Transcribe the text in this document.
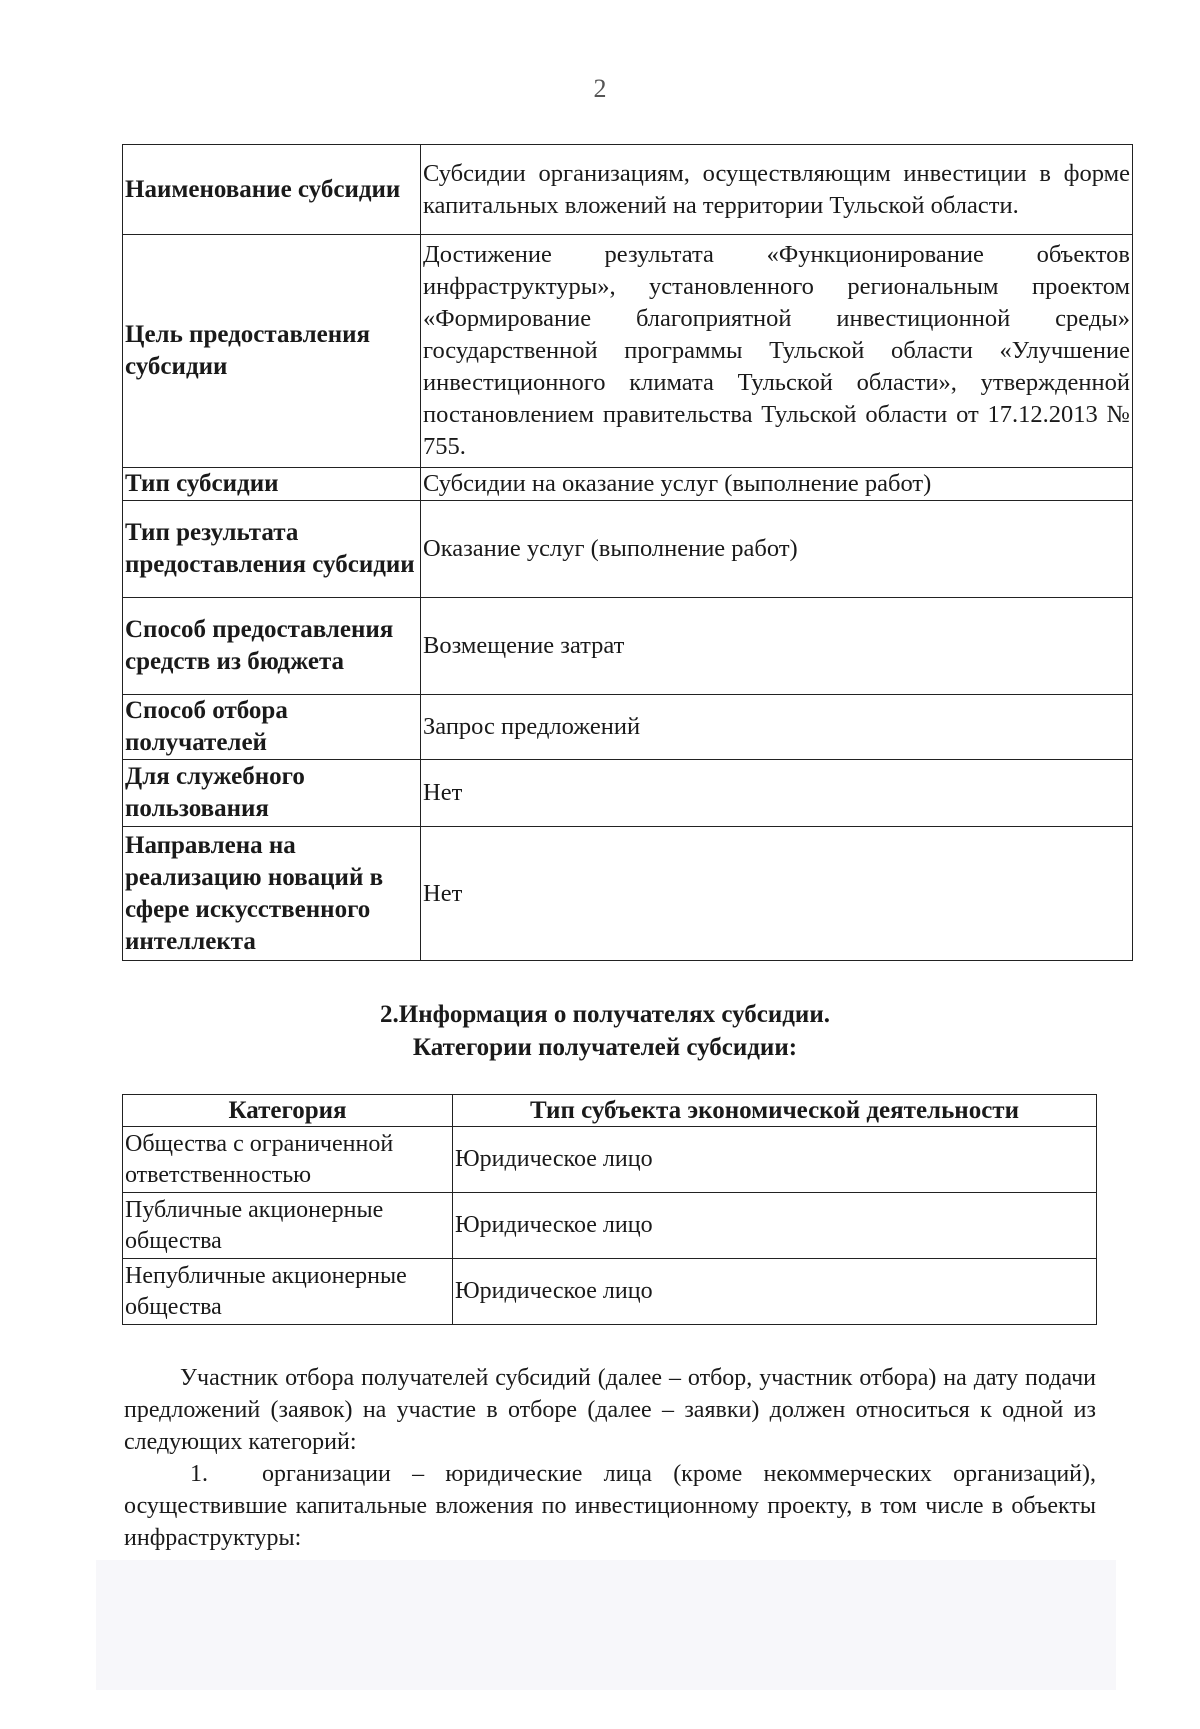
2
Наименование субсидии	Субсидии организациям, осуществляющим инвестиции в форме капитальных вложений на территории Тульской области.
Цель предоставления субсидии	Достижение результата «Функционирование объектов инфраструктуры», установленного региональным проектом «Формирование благоприятной инвестиционной среды» государственной программы Тульской области «Улучшение инвестиционного климата Тульской области», утвержденной постановлением правительства Тульской области от 17.12.2013 № 755.
Тип субсидии	Субсидии на оказание услуг (выполнение работ)
Тип результата предоставления субсидии	Оказание услуг (выполнение работ)
Способ предоставления средств из бюджета	Возмещение затрат
Способ отбора получателей	Запрос предложений
Для служебного пользования	Нет
Направлена на реализацию новаций в сфере искусственного интеллекта	Нет
2.Информация о получателях субсидии.
Категории получателей субсидии:
Категория	Тип субъекта экономической деятельности
Общества с ограниченной ответственностью	Юридическое лицо
Публичные акционерные общества	Юридическое лицо
Непубличные акционерные общества	Юридическое лицо

Участник отбора получателей субсидий (далее – отбор, участник отбора) на дату подачи предложений (заявок) на участие в отборе (далее – заявки) должен относиться к одной из следующих категорий:

1. организации – юридические лица (кроме некоммерческих организаций), осуществившие капитальные вложения по инвестиционному проекту, в том числе в объекты инфраструктуры:
